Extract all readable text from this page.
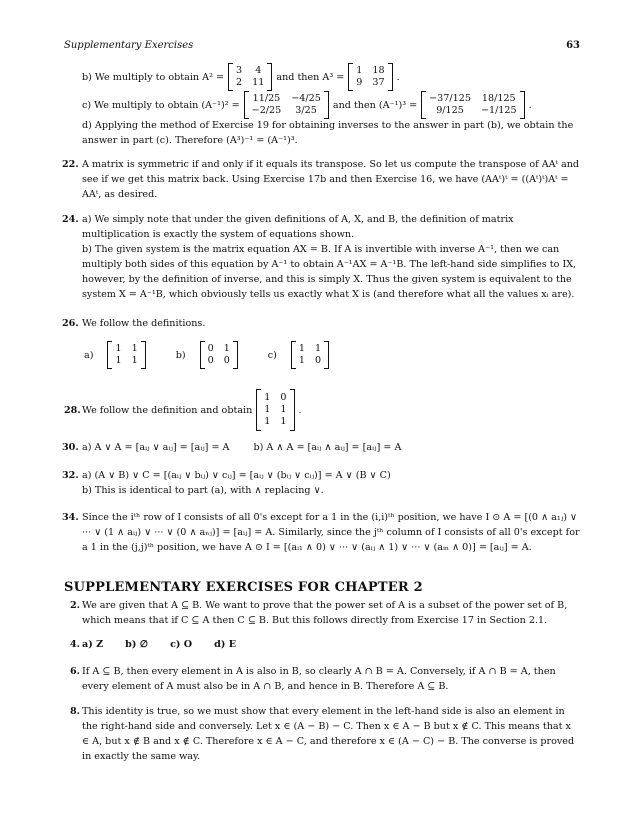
Supplementary Exercises	63
b) We multiply to obtain A² =
3	4
2 11 and then A³ =
1 18
9 37 .
c) We multiply to obtain (A⁻¹)² =
11/25 −4/25
−2/25	3/25	and then (A⁻¹)³ =
−37/125 18/125
9/125	−1/125 .
d) Applying the method of Exercise 19 for obtaining inverses to the answer in part (b), we obtain the answer in part (c). Therefore (A³)⁻¹ = (A⁻¹)³.
22. A matrix is symmetric if and only if it equals its transpose. So let us compute the transpose of AAᵗ and see if we get this matrix back. Using Exercise 17b and then Exercise 16, we have (AAᵗ)ᵗ = ((Aᵗ)ᵗ)Aᵗ = AAᵗ, as desired.
24. a) We simply note that under the given definitions of A, X, and B, the definition of matrix multiplication is exactly the system of equations shown.
b) The given system is the matrix equation AX = B. If A is invertible with inverse A⁻¹, then we can multiply both sides of this equation by A⁻¹ to obtain A⁻¹AX = A⁻¹B. The left-hand side simplifies to IX, however, by the definition of inverse, and this is simply X. Thus the given system is equivalent to the system X = A⁻¹B, which obviously tells us exactly what X is (and therefore what all the values xᵢ are).
26. We follow the definitions.
a)
1 1
1 1	b)
0 1
0 0	c)
1 1
1 0
28. We follow the definition and obtain
1 0
1 1
1 1
.
30. a) A ∨ A = [aᵢⱼ ∨ aᵢⱼ] = [aᵢⱼ] = A	b) A ∧ A = [aᵢⱼ ∧ aᵢⱼ] = [aᵢⱼ] = A
32. a) (A ∨ B) ∨ C = [(aᵢⱼ ∨ bᵢⱼ) ∨ cᵢⱼ] = [aᵢⱼ ∨ (bᵢⱼ ∨ cᵢⱼ)] = A ∨ (B ∨ C)
b) This is identical to part (a), with ∧ replacing ∨.
34. Since the iᵗʰ row of I consists of all 0's except for a 1 in the (i,i)ᵗʰ position, we have I ⊙ A = [(0 ∧ a₁ⱼ) ∨ ··· ∨ (1 ∧ aᵢⱼ) ∨ ··· ∨ (0 ∧ aₙⱼ)] = [aᵢⱼ] = A. Similarly, since the jᵗʰ column of I consists of all 0's except for a 1 in the (j,j)ᵗʰ position, we have A ⊙ I = [(aᵢ₁ ∧ 0) ∨ ··· ∨ (aᵢⱼ ∧ 1) ∨ ··· ∨ (aᵢₙ ∧ 0)] = [aᵢⱼ] = A.
SUPPLEMENTARY EXERCISES FOR CHAPTER 2
2. We are given that A ⊆ B. We want to prove that the power set of A is a subset of the power set of B, which means that if C ⊆ A then C ⊆ B. But this follows directly from Exercise 17 in Section 2.1.
4. a) Z b) ∅ c) O d) E
6. If A ⊆ B, then every element in A is also in B, so clearly A ∩ B = A. Conversely, if A ∩ B = A, then every element of A must also be in A ∩ B, and hence in B. Therefore A ⊆ B.
8. This identity is true, so we must show that every element in the left-hand side is also an element in the right-hand side and conversely. Let x ∈ (A − B) − C. Then x ∈ A − B but x ∉ C. This means that x ∈ A, but x ∉ B and x ∉ C. Therefore x ∈ A − C, and therefore x ∈ (A − C) − B. The converse is proved in exactly the same way.
